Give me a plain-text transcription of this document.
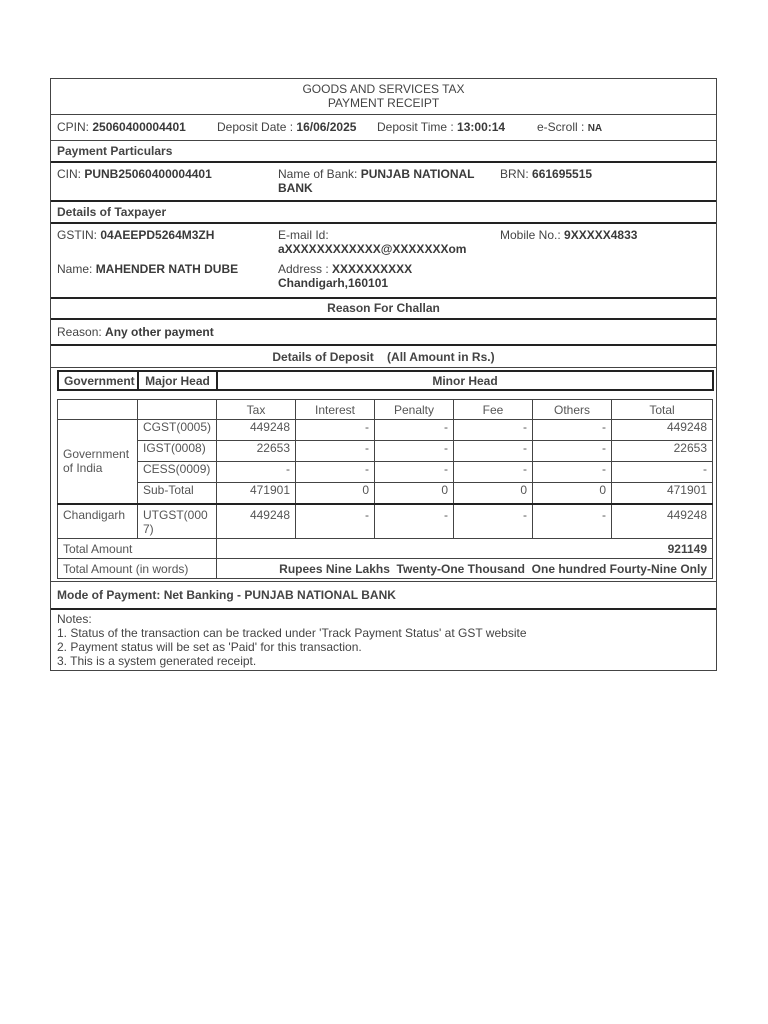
GOODS AND SERVICES TAX
PAYMENT RECEIPT
CPIN: 25060400004401	Deposit Date : 16/06/2025 Deposit Time : 13:00:14	e-Scroll : NA
Payment Particulars
CIN: PUNB25060400004401	Name of Bank: PUNJAB NATIONAL BANK
BRN: 661695515
Details of Taxpayer
GSTIN: 04AEEPD5264M3ZH	E-mail Id:
aXXXXXXXXXXXX@XXXXXXXom
Mobile No.: 9XXXXX4833
Name: MAHENDER NATH DUBE	Address : XXXXXXXXXX
Chandigarh,160101
Reason For Challan
Reason: Any other payment
Details of Deposit    (All Amount in Rs.)
Government	Major Head	Minor Head
		Tax	Interest	Penalty	Fee	Others	Total
Government of India	CGST(0005)	449248	-	-	-	-	449248
	IGST(0008)	22653	-	-	-	-	22653
	CESS(0009)	-	-	-	-	-	-
	Sub-Total	471901	0	0	0	0	471901
Chandigarh	UTGST(0007)	449248	-	-	-	-	449248
Total Amount		921149					
Total Amount (in words)		Rupees Nine Lakhs  Twenty-One Thousand  One hundred Fourty-Nine Only					
Mode of Payment: Net Banking - PUNJAB NATIONAL BANK
Notes:
1. Status of the transaction can be tracked under 'Track Payment Status' at GST website
2. Payment status will be set as 'Paid' for this transaction.
3. This is a system generated receipt.
